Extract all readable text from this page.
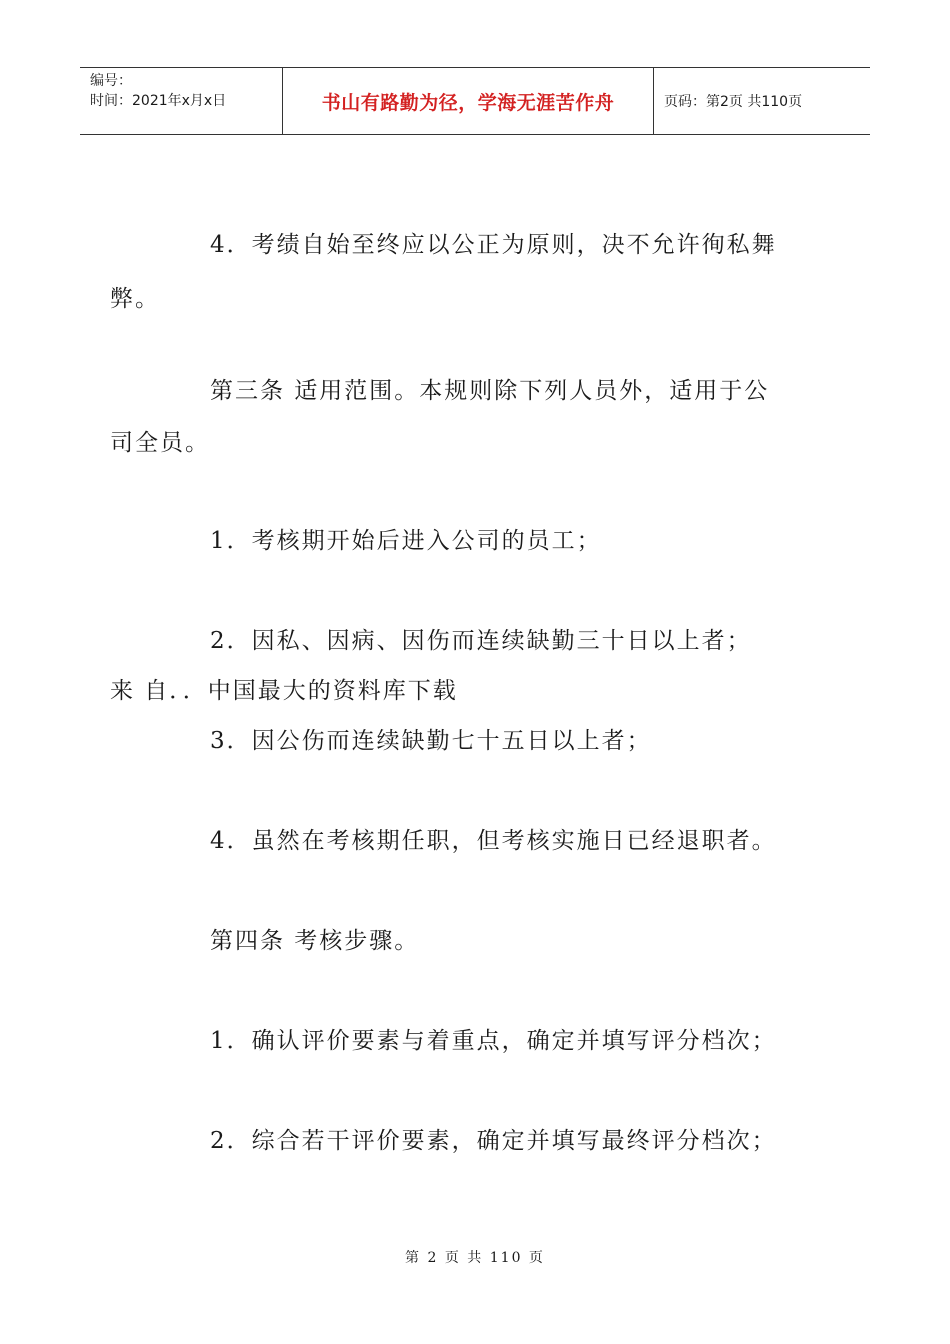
编号：
时间：2021年x月x日	书山有路勤为径，学海无涯苦作舟	页码：第2页 共110页
4．考绩自始至终应以公正为原则，决不允许徇私舞
弊。
第三条 适用范围。本规则除下列人员外，适用于公
司全员。
1．考核期开始后进入公司的员工；
2．因私、因病、因伤而连续缺勤三十日以上者；
来 自．．中国最大的资料库下载
3．因公伤而连续缺勤七十五日以上者；
4．虽然在考核期任职，但考核实施日已经退职者。
第四条 考核步骤。
1．确认评价要素与着重点，确定并填写评分档次；
2．综合若干评价要素，确定并填写最终评分档次；
第 2 页 共 110 页
